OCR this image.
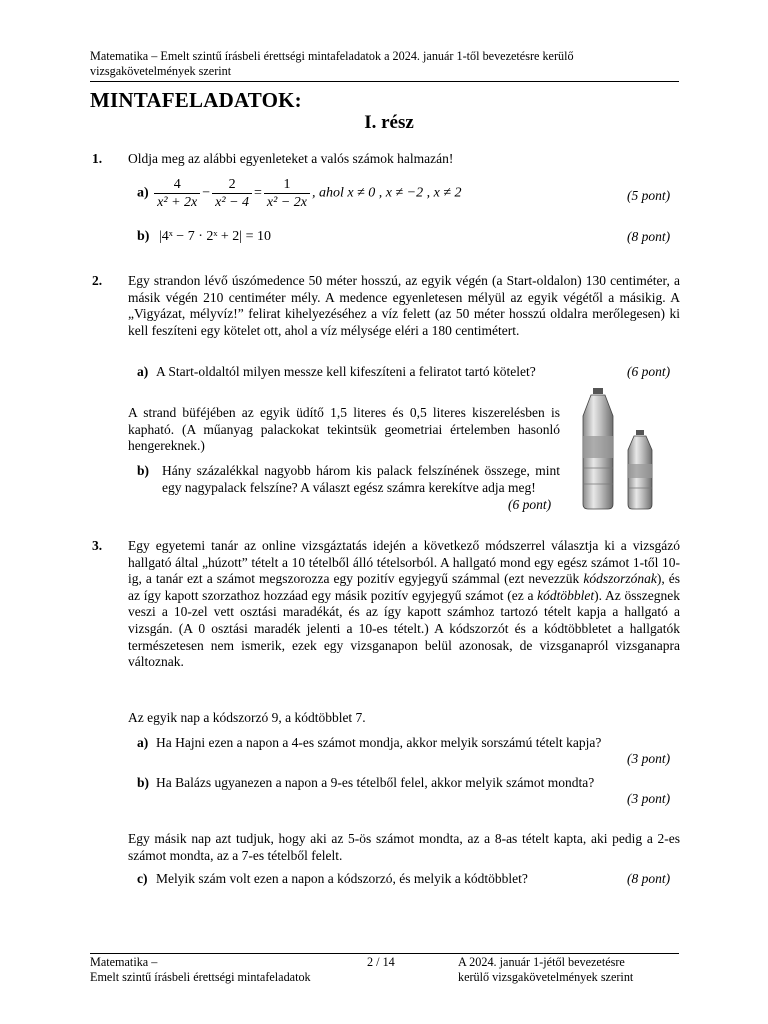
Matematika – Emelt szintű írásbeli érettségi mintafeladatok a 2024. január 1-től bevezetésre kerülő
vizsgakövetelmények szerint
MINTAFELADATOK:
I. rész
1. Oldja meg az alábbi egyenleteket a valós számok halmazán!
$a) \frac{4}{\text{x² + 2x}} - \frac{2}{\text{x² − 4}} = \frac{1}{\text{x² − 2x}}$ , ahol x ≠ 0 , x ≠ −2 , x ≠ 2	(5 pont)
b) |4ˣ − 7 · 2ˣ + 2| = 10	(8 pont)
2. Egy strandon lévő úszómedence 50 méter hosszú, az egyik végén (a Start-oldalon) 130 centiméter, a másik végén 210 centiméter mély. A medence egyenletesen mélyül az egyik végétől a másikig. A „Vigyázat, mélyvíz!” felirat kihelyezéséhez a víz felett (az 50 méter hosszú oldalra merőlegesen) ki kell feszíteni egy kötelet ott, ahol a víz mélysége eléri a 180 centimétert.
a) A Start-oldaltól milyen messze kell kifeszíteni a feliratot tartó kötelet?	(6 pont)
A strand büféjében az egyik üdítő 1,5 literes és 0,5 literes kiszerelésben is kapható. (A műanyag palackokat tekintsük geometriai értelemben hasonló hengereknek.)
b) Hány százalékkal nagyobb három kis palack felszínének összege, mint egy nagypalack felszíne? A választ egész számra kerekítve adja meg!
(6 pont)
3. Egy egyetemi tanár az online vizsgáztatás idején a következő módszerrel választja ki a vizsgázó hallgató által „húzott” tételt a 10 tételből álló tételsorból. A hallgató mond egy egész számot 1-től 10-ig, a tanár ezt a számot megszorozza egy pozitív egyjegyű számmal (ezt nevezzük kódszorzónak), és az így kapott szorzathoz hozzáad egy másik pozitív egyjegyű számot (ez a kódtöbblet). Az összegnek veszi a 10-zel vett osztási maradékát, és az így kapott számhoz tartozó tételt kapja a hallgató a vizsgán. (A 0 osztási maradék jelenti a 10-es tételt.) A kódszorzót és a kódtöbbletet a hallgatók természetesen nem ismerik, ezek egy vizsganapon belül azonosak, de vizsganapról vizsganapra változnak.
Az egyik nap a kódszorzó 9, a kódtöbblet 7.
a) Ha Hajni ezen a napon a 4-es számot mondja, akkor melyik sorszámú tételt kapja?
(3 pont)
b) Ha Balázs ugyanezen a napon a 9-es tételből felel, akkor melyik számot mondta?
(3 pont)
Egy másik nap azt tudjuk, hogy aki az 5-ös számot mondta, az a 8-as tételt kapta, aki pedig a 2-es számot mondta, az a 7-es tételből felelt.
c) Melyik szám volt ezen a napon a kódszorzó, és melyik a kódtöbblet?	(8 pont)
Matematika –
Emelt szintű írásbeli érettségi mintafeladatok
2 / 14	A 2024. január 1-jétől bevezetésre
kerülő vizsgakövetelmények szerint
